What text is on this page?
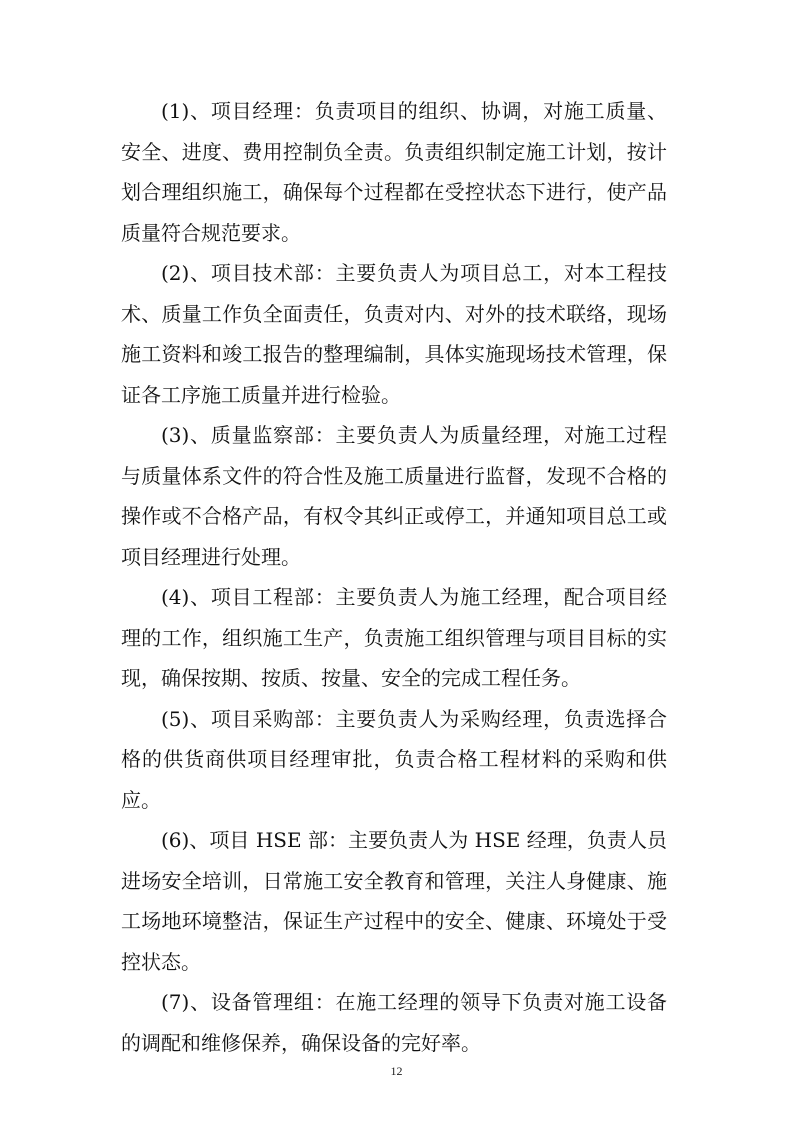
(1)、项目经理：负责项目的组织、协调，对施工质量、安全、进度、费用控制负全责。负责组织制定施工计划，按计划合理组织施工，确保每个过程都在受控状态下进行，使产品质量符合规范要求。

(2)、项目技术部：主要负责人为项目总工，对本工程技术、质量工作负全面责任，负责对内、对外的技术联络，现场施工资料和竣工报告的整理编制，具体实施现场技术管理，保证各工序施工质量并进行检验。

(3)、质量监察部：主要负责人为质量经理，对施工过程与质量体系文件的符合性及施工质量进行监督，发现不合格的操作或不合格产品，有权令其纠正或停工，并通知项目总工或项目经理进行处理。

(4)、项目工程部：主要负责人为施工经理，配合项目经理的工作，组织施工生产，负责施工组织管理与项目目标的实现，确保按期、按质、按量、安全的完成工程任务。

(5)、项目采购部：主要负责人为采购经理，负责选择合格的供货商供项目经理审批，负责合格工程材料的采购和供应。

(6)、项目 HSE 部：主要负责人为 HSE 经理，负责人员进场安全培训，日常施工安全教育和管理，关注人身健康、施工场地环境整洁，保证生产过程中的安全、健康、环境处于受控状态。

(7)、设备管理组：在施工经理的领导下负责对施工设备的调配和维修保养，确保设备的完好率。

12
